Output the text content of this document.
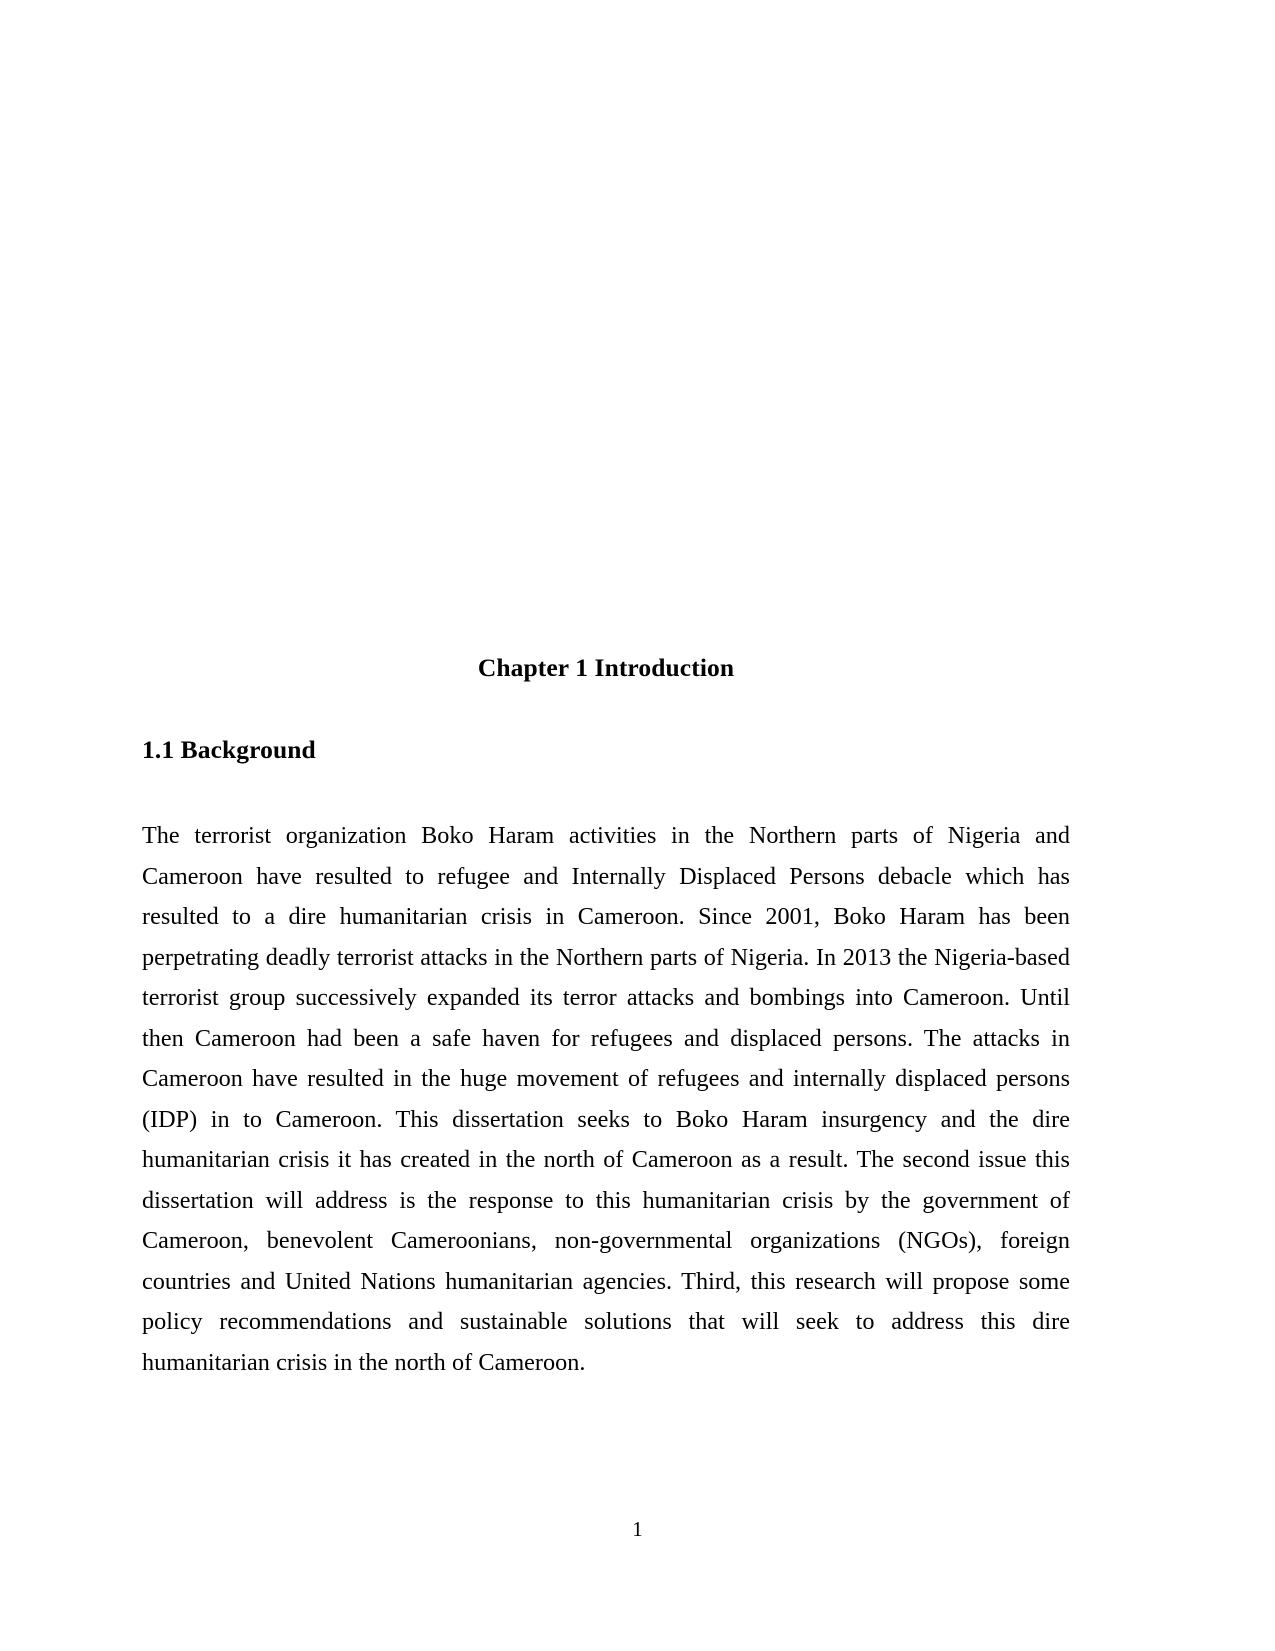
Chapter 1 Introduction
1.1 Background

The terrorist organization Boko Haram activities in the Northern parts of Nigeria and Cameroon have resulted to refugee and Internally Displaced Persons debacle which has resulted to a dire humanitarian crisis in Cameroon. Since 2001, Boko Haram has been perpetrating deadly terrorist attacks in the Northern parts of Nigeria. In 2013 the Nigeria-based terrorist group successively expanded its terror attacks and bombings into Cameroon. Until then Cameroon had been a safe haven for refugees and displaced persons. The attacks in Cameroon have resulted in the huge movement of refugees and internally displaced persons (IDP) in to Cameroon. This dissertation seeks to Boko Haram insurgency and the dire humanitarian crisis it has created in the north of Cameroon as a result. The second issue this dissertation will address is the response to this humanitarian crisis by the government of Cameroon, benevolent Cameroonians, non-governmental organizations (NGOs), foreign countries and United Nations humanitarian agencies. Third, this research will propose some policy recommendations and sustainable solutions that will seek to address this dire humanitarian crisis in the north of Cameroon.

1
